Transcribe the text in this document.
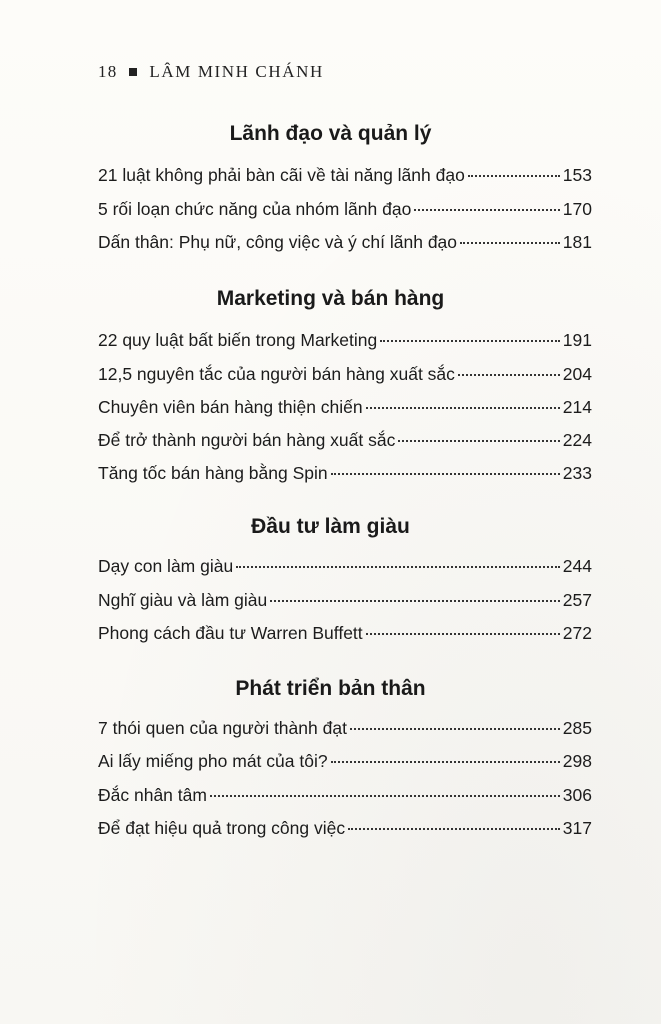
18 LÂM MINH CHÁNH
Lãnh đạo và quản lý
21 luật không phải bàn cãi về tài năng lãnh đạo	153
5 rối loạn chức năng của nhóm lãnh đạo	170
Dấn thân: Phụ nữ, công việc và ý chí lãnh đạo	181
Marketing và bán hàng
22 quy luật bất biến trong Marketing	191
12,5 nguyên tắc của người bán hàng xuất sắc	204
Chuyên viên bán hàng thiện chiến	214
Để trở thành người bán hàng xuất sắc	224
Tăng tốc bán hàng bằng Spin	233
Đầu tư làm giàu
Dạy con làm giàu	244
Nghĩ giàu và làm giàu	257
Phong cách đầu tư Warren Buffett	272
Phát triển bản thân
7 thói quen của người thành đạt	285
Ai lấy miếng pho mát của tôi?	298
Đắc nhân tâm	306
Để đạt hiệu quả trong công việc	317
